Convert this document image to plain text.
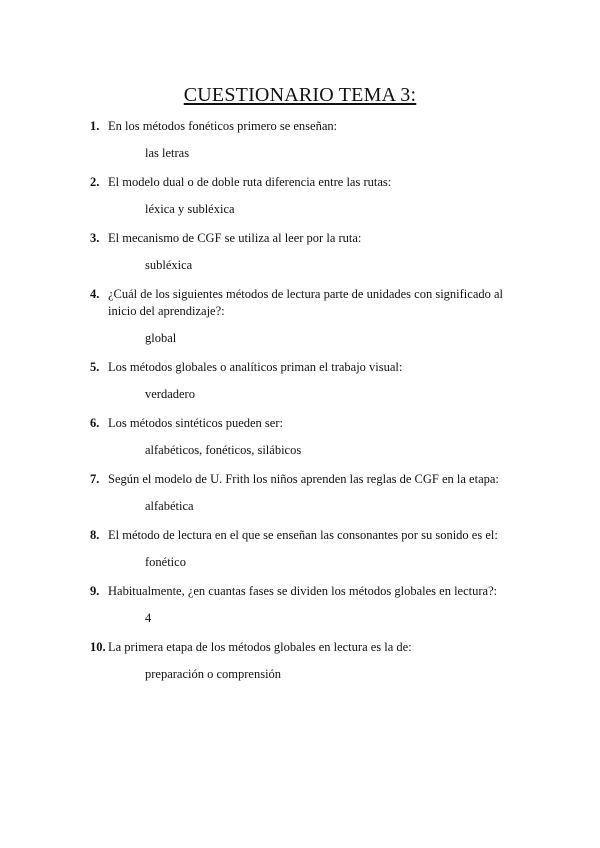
CUESTIONARIO TEMA 3:
1. En los métodos fonéticos primero se enseñan:
las letras
2. El modelo dual o de doble ruta diferencia entre las rutas:
léxica y subléxica
3. El mecanismo de CGF se utiliza al leer por la ruta:
subléxica
4. ¿Cuál de los siguientes métodos de lectura parte de unidades con significado al inicio del aprendizaje?:
global
5. Los métodos globales o analíticos priman el trabajo visual:
verdadero
6. Los métodos sintéticos pueden ser:
alfabéticos, fonéticos, silábicos
7. Según el modelo de U. Frith los niños aprenden las reglas de CGF en la etapa:
alfabética
8. El método de lectura en el que se enseñan las consonantes por su sonido es el:
fonético
9. Habitualmente, ¿en cuantas fases se dividen los métodos globales en lectura?:
4
10. La primera etapa de los métodos globales en lectura es la de:
preparación o comprensión
